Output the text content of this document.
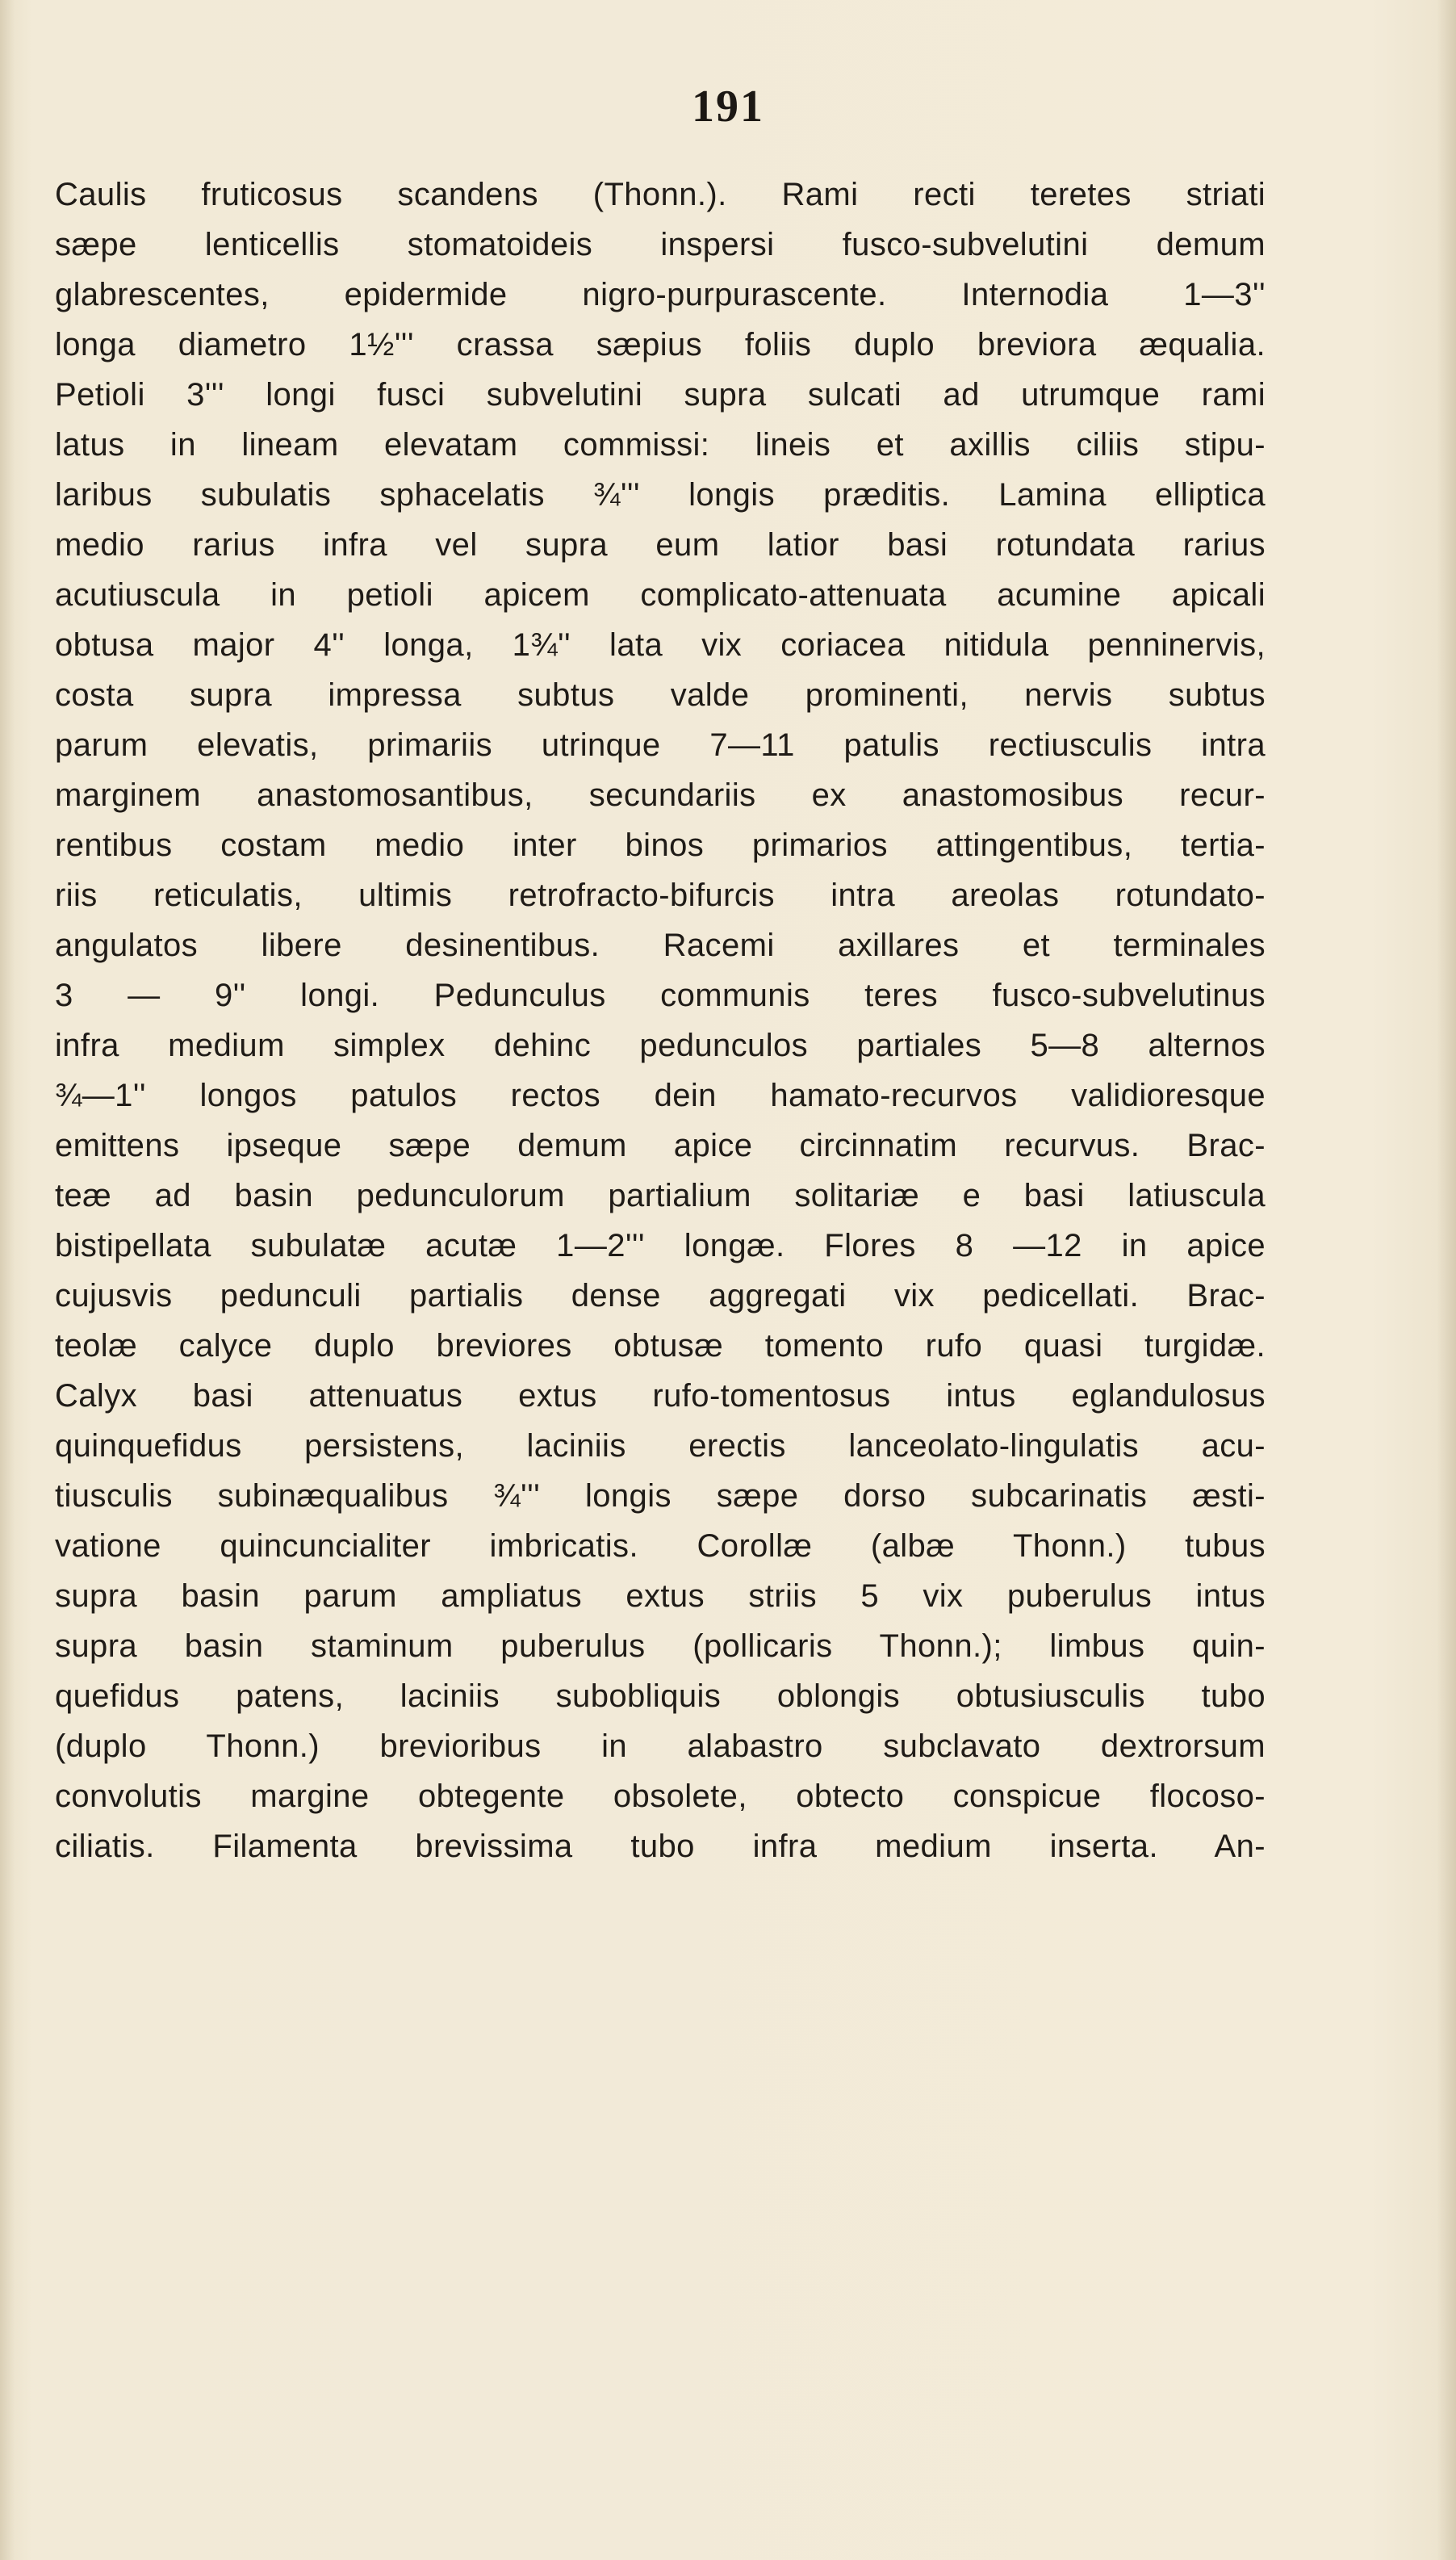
191
Caulis fruticosus scandens (Thonn.). Rami recti teretes striati
sæpe lenticellis stomatoideis inspersi fusco-subvelutini demum
glabrescentes, epidermide nigro-purpurascente. Internodia 1—3''
longa diametro 1½''' crassa sæpius foliis duplo breviora æqualia.
Petioli 3''' longi fusci subvelutini supra sulcati ad utrumque rami
latus in lineam elevatam commissi: lineis et axillis ciliis stipu-
laribus subulatis sphacelatis ¾''' longis præditis. Lamina elliptica
medio rarius infra vel supra eum latior basi rotundata rarius
acutiuscula in petioli apicem complicato-attenuata acumine apicali
obtusa major 4'' longa, 1¾'' lata vix coriacea nitidula penninervis,
costa supra impressa subtus valde prominenti, nervis subtus
parum elevatis, primariis utrinque 7—11 patulis rectiusculis intra
marginem anastomosantibus, secundariis ex anastomosibus recur-
rentibus costam medio inter binos primarios attingentibus, tertia-
riis reticulatis, ultimis retrofracto-bifurcis intra areolas rotundato-
angulatos libere desinentibus. Racemi axillares et terminales
3 — 9'' longi. Pedunculus communis teres fusco-subvelutinus
infra medium simplex dehinc pedunculos partiales 5—8 alternos
¾—1'' longos patulos rectos dein hamato-recurvos validioresque
emittens ipseque sæpe demum apice circinnatim recurvus. Brac-
teæ ad basin pedunculorum partialium solitariæ e basi latiuscula
bistipellata subulatæ acutæ 1—2''' longæ. Flores 8 —12 in apice
cujusvis pedunculi partialis dense aggregati vix pedicellati. Brac-
teolæ calyce duplo breviores obtusæ tomento rufo quasi turgidæ.
Calyx basi attenuatus extus rufo-tomentosus intus eglandulosus
quinquefidus persistens, laciniis erectis lanceolato-lingulatis acu-
tiusculis subinæqualibus ¾''' longis sæpe dorso subcarinatis æsti-
vatione quincuncialiter imbricatis. Corollæ (albæ Thonn.) tubus
supra basin parum ampliatus extus striis 5 vix puberulus intus
supra basin staminum puberulus (pollicaris Thonn.); limbus quin-
quefidus patens, laciniis subobliquis oblongis obtusiusculis tubo
(duplo Thonn.) brevioribus in alabastro subclavato dextrorsum
convolutis margine obtegente obsolete, obtecto conspicue flocoso-
ciliatis. Filamenta brevissima tubo infra medium inserta. An-
